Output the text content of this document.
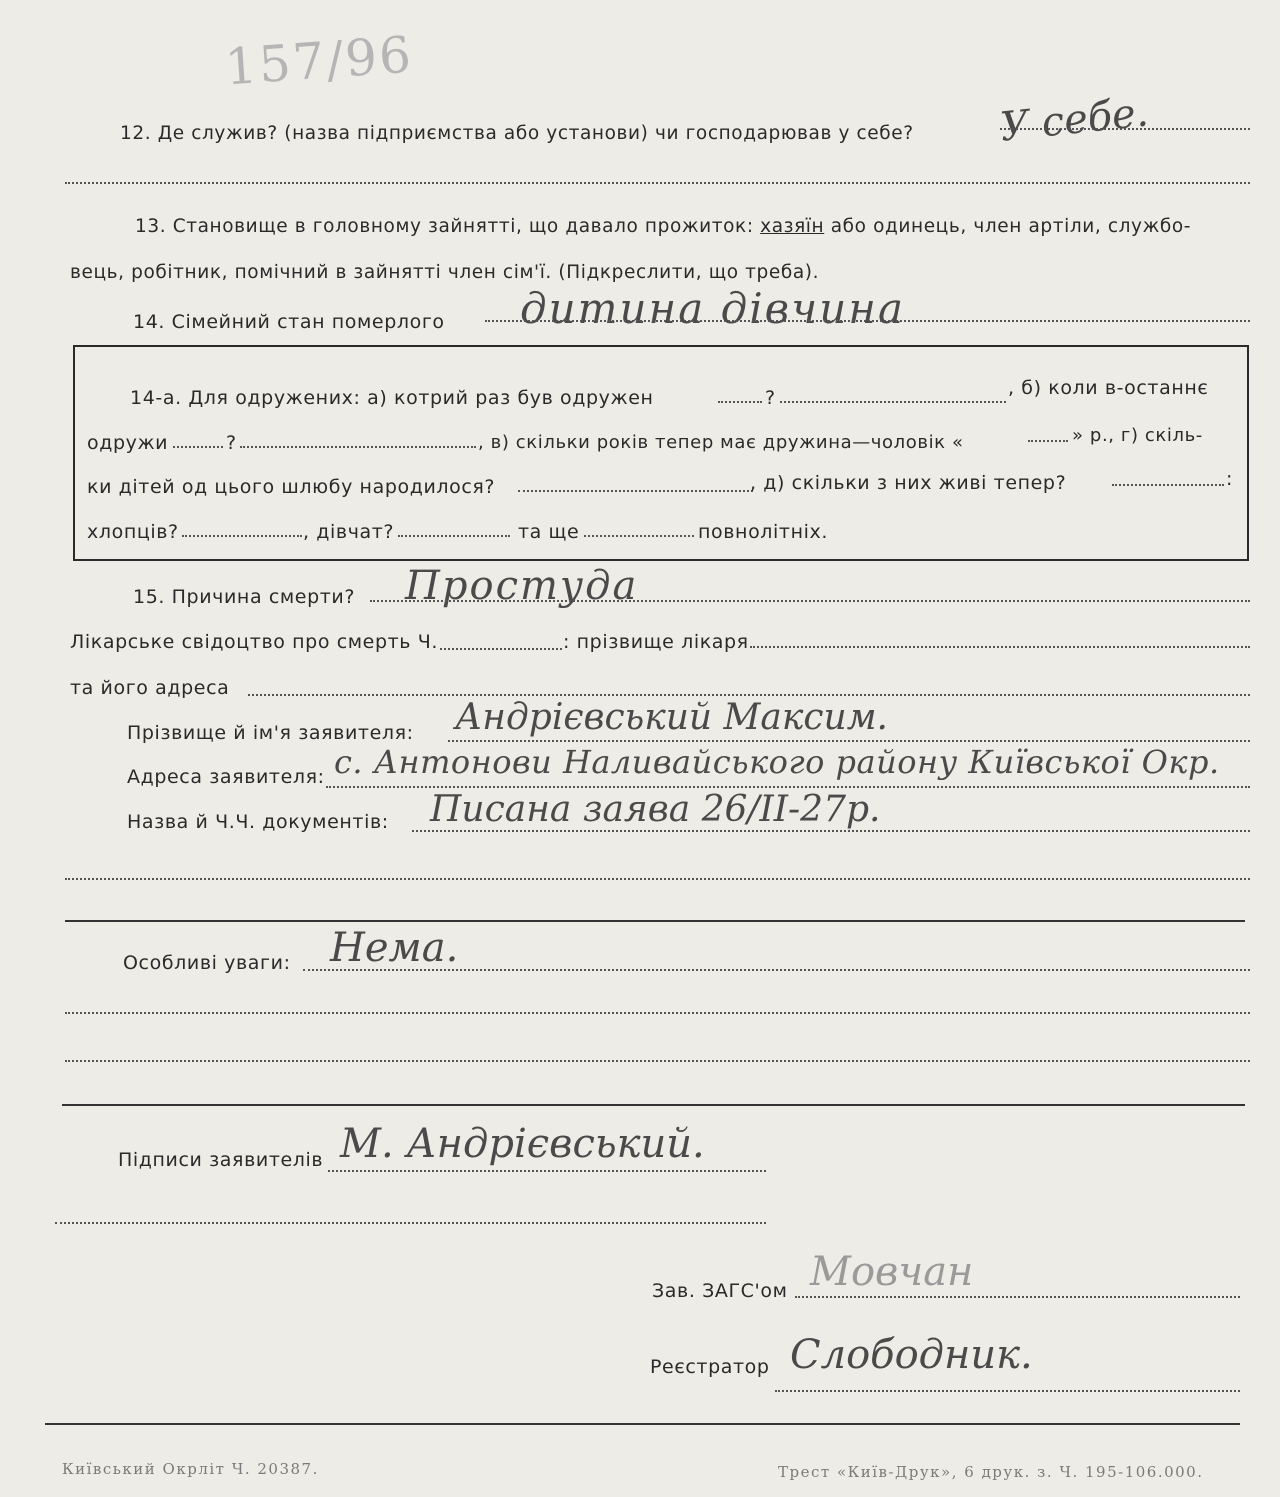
157/96
12. Де служив? (назва підприємства або установи) чи господарював у себе? У себе.
13. Становище в головному зайнятті, що давало прожиток: хазяїн або одинець, член артіли, службо-
вець, робітник, помічний в зайнятті член сім'ї. (Підкреслити, що треба).
14. Сімейний стан померлого дитина дівчина
14-а. Для одружених: а) котрий раз був одружен	?	, б) коли в-останнє
одружи	?	, в) скільки років тепер має дружина—чоловік «	» р., г) скіль-
ки дітей од цього шлюбу народилося?	, д) скільки з них живі тепер?	:
хлопців?	, дівчат?	та ще	повнолітніх.
15. Причина смерти? Простуда
Лікарське свідоцтво про смерть Ч.	: прізвище лікаря
та його адреса
Прізвище й ім'я заявителя: Андрієвський Максим.
Адреса заявителя: с. Антонови Наливайського району Київської Окр.
Назва й Ч.Ч. документів: Писана заява 26/ІІ-27р.
Особливі уваги: Нема.
Підписи заявителів М. Андрієвський.
Зав. ЗАГС'ом Мовчан
Реєстратор Слободник.
Київський Окрліт Ч. 20387.	Трест «Київ-Друк», 6 друк. з. Ч. 195-106.000.
